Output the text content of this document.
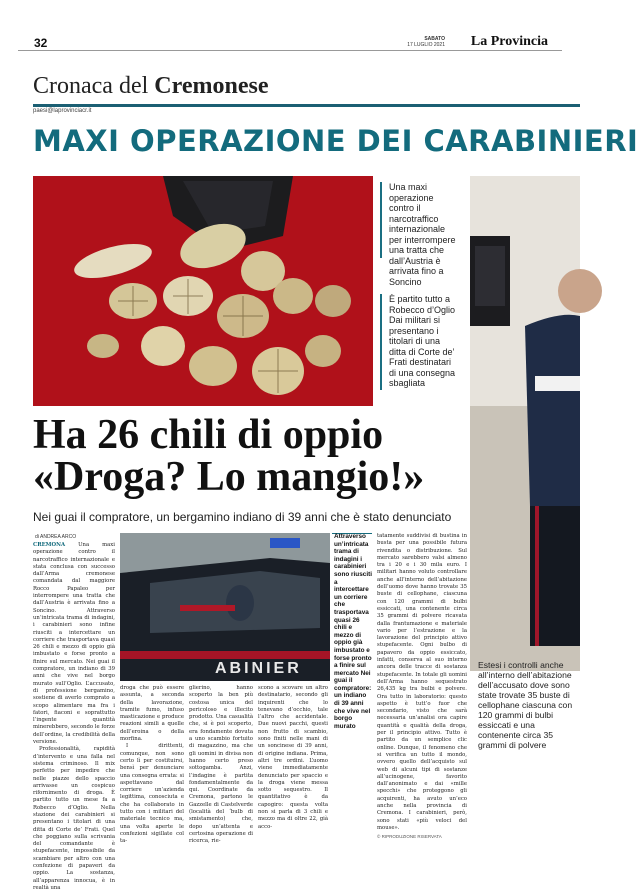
32	SABATO
17 LUGLIO 2021 La Provincia
Cronaca del Cremonese
paesi@laprovinciacr.it
MAXI OPERAZIONE DEI CARABINIERI
Una maxi operazione contro il narcotraffico internazionale per interrompere una tratta che dall’Austria è arrivata fino a Soncino
È partito tutto a Robecco d’Oglio Dai militari si presentano i titolari di una ditta di Corte de’ Frati destinatari di una consegna sbagliata
Ha 26 chili di oppio
«Droga? Lo mangio!»
Nei guai il compratore, un bergamino indiano di 39 anni che è stato denunciato
di ANDREA ARCO

CREMONA Una maxi operazione contro il narcotraffico internazionale e stata conclusa con successo dall’Arma cremonese comandata dal maggiore Rocco Papaleo per interrompere una tratta che dall’Austria è arrivata fino a Soncino. Attraverso un’intricata trama di indagini, i carabinieri sono infine riusciti a intercettare un corriere che trasportava quasi 26 chili e mezzo di oppio già imbustato e forse pronto a finire sul mercato. Nei guai il compratore, un indiano di 39 anni che vive nel borgo murato sull’Oglio. L’accusato, di professione bergamino, sostiene di averlo comprato a scopo alimentare ma fra i fatori, fiaconi e soprattutto l’ingente quantità minerebbero, secondo le forze dell’ordine, la credibilità della versione.

Professionalità, rapidità d’intervento e una falla nel sistema criminoso. Il mix perfetto per impedire che nelle piazze dello spaccio arrivasse un cospicuo rifornimento di droga. È partito tutto un mese fa a Robecco d’Oglio. Nella stazione dei carabinieri si presentano i titolari di una ditta di Corte de’ Frati. Quel che poggiano sulla scrivania del comandante è stupefacente, impossibile da scambiare per altro con una confezione di papaveri da oppio. La sostanza, all’apparenza innocua, è in realtà una

ABINIER

droga che può essere assunta, a seconda della lavorazione, tramite fumo, infuso masticazione e produce reazioni simili a quelle dell’eroina o della morfina.

I dirittenti, comunque, non sono certo lì per costituirsi, bensì per denunciare una consegna errata: si aspettavano dal corriere un’azienda legittima, conosciuta e che ha collaborato in tutto con i militari del materiale tecnico ma, una volta aperte le confezioni sigillate col ta-

glierino, hanno scoperto la ben più costosa unica del pericoloso e illecito prodotto. Una casualità che, si è poi scoperto, era fondamente dovuta a uno scambio fortuito di magazzino, ma che gli uomini in divisa non hanno certo preso sottogamba. Anzi, l’indagine è partita fondamentalmente da qui. Coordinate da Cremona, partono le Gazzelle di Castelverde (località del ‘bulb di smistamento) che, dopo un’attenta e certosina operazione di ricerca, rie-

scono a scovare un altro destinatario, secondo gli inquirenti che lo tenevano d’occhio, tale l’altro che accidentale. Due nuovi pacchi, questi non frutto di scambio, sono finiti nelle mani di un soncinese di 39 anni, di origine indiana. Prima, altri tre ordini. L’uomo viene immediatamente denunciato per spaccio e la droga viene messa sotto sequestro. Il quantitativo è da capogiro: questa volta non si parla di 3 chili e mezzo ma di oltre 22, già acco-

Attraverso un’intricata trama di indagini i carabinieri sono riusciti a intercettare un corriere che trasportava quasi 26 chili e mezzo di oppio già imbustato e forse pronto a finire sul mercato Nei guai il compratore: un indiano di 39 anni che vive nel borgo murato

tatamente suddivisi di bustina in busta per una possibile futura rivendita o distribuzione. Sul mercato sarebbero valsi almeno tra i 20 e i 30 mila euro. I militari hanno voluto controllare anche all’interno dell’abitazione dell’uomo dove hanno trovate 35 buste di cellophane, ciascuna con 120 grammi di bulbi essiccati, una contenente circa 35 grammi di polvere ricavata dalla frantumazione e materiale vario per l’estrazione e la lavorazione del principio attivo stupefacente. Ogni bulbo di papavero da oppio essiccato, infatti, conserva al suo interno ancora delle tracce di sostanza stupefacente. In totale gli uomini dell’Arma hanno sequestrato 26,435 kg tra bulbi e polvere. Ora tutto in laboratorio: questo aspetto è tutt’o fuor che secondario, visto che sarà necessaria un’analisi ora capire quantità e qualità della droga, per il principio attivo. Tutto è partito da un semplice clic online. Dunque, il fenomeno che si verifica un tutto il mondo, ovvero quello dell’acquisto sul web di alcuni tipi di sostanze all’ucinogene, favorito dall’anonimato e dai «mille specchi» che proteggono gli acquirenti, ha avuto un’eco anche nella provincia di Cremona. I carabinieri, però, sono stati «più veloci del mouse».

© RIPRODUZIONE RISERVATA
Estesi i controlli anche all’interno dell’abitazione dell’accusato dove sono state trovate 35 buste di cellophane ciascuna con 120 grammi di bulbi essiccati e una contenente circa 35 grammi di polvere
